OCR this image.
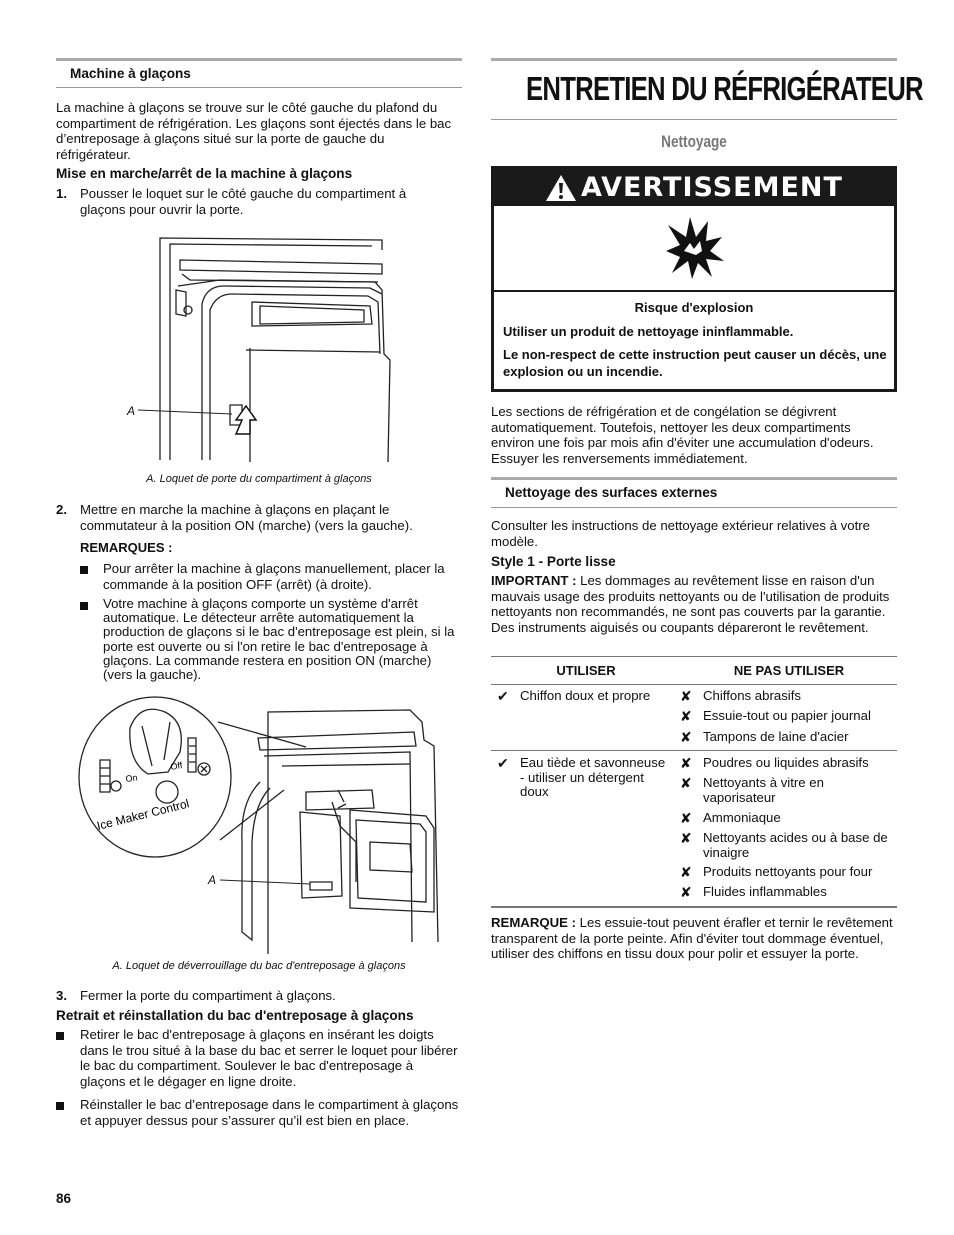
Machine à glaçons

La machine à glaçons se trouve sur le côté gauche du plafond du compartiment de réfrigération. Les glaçons sont éjectés dans le bac d’entreposage à glaçons situé sur la porte de gauche du réfrigérateur.

Mise en marche/arrêt de la machine à glaçons
1. Pousser le loquet sur le côté gauche du compartiment à glaçons pour ouvrir la porte.

A
A. Loquet de porte du compartiment à glaçons
2. Mettre en marche la machine à glaçons en plaçant le commutateur à la position ON (marche) (vers la gauche).

REMARQUES :

Pour arrêter la machine à glaçons manuellement, placer la commande à la position OFF (arrêt) (à droite).

Votre machine à glaçons comporte un système d'arrêt automatique. Le détecteur arrête automatiquement la production de glaçons si le bac d'entreposage est plein, si la porte est ouverte ou si l'on retire le bac d'entreposage à glaçons. La commande restera en position ON (marche) (vers la gauche).

On
Off
Ice Maker Control
A
A. Loquet de déverrouillage du bac d'entreposage à glaçons
3. Fermer la porte du compartiment à glaçons.

Retrait et réinstallation du bac d'entreposage à glaçons

Retirer le bac d'entreposage à glaçons en insérant les doigts dans le trou situé à la base du bac et serrer le loquet pour libérer le bac du compartiment. Soulever le bac d'entreposage à glaçons et le dégager en ligne droite.

Réinstaller le bac d’entreposage dans le compartiment à glaçons et appuyer dessus pour s’assurer qu’il est bien en place.

86
ENTRETIEN DU RÉFRIGÉRATEUR
Nettoyage
AVERTISSEMENT
Risque d'explosion
Utiliser un produit de nettoyage ininflammable.
Le non-respect de cette instruction peut causer un décès, une explosion ou un incendie.

Les sections de réfrigération et de congélation se dégivrent automatiquement. Toutefois, nettoyer les deux compartiments environ une fois par mois afin d'éviter une accumulation d'odeurs. Essuyer les renversements immédiatement.

Nettoyage des surfaces externes

Consulter les instructions de nettoyage extérieur relatives à votre modèle.

Style 1 - Porte lisse

IMPORTANT : Les dommages au revêtement lisse en raison d'un mauvais usage des produits nettoyants ou de l'utilisation de produits nettoyants non recommandés, ne sont pas couverts par la garantie. Des instruments aiguisés ou coupants dépareront le revêtement.

UTILISER	NE PAS UTILISER
✔ Chiffon doux et propre	✘ Chiffons abrasifs

✘ Essuie-tout ou papier journal

✘ Tampons de laine d'acier

✔ Eau tiède et savonneuse - utiliser un détergent doux

✘ Poudres ou liquides abrasifs

✘ Nettoyants à vitre en vaporisateur

✘ Ammoniaque

✘ Nettoyants acides ou à base de vinaigre

✘ Produits nettoyants pour four

✘ Fluides inflammables

REMARQUE : Les essuie-tout peuvent érafler et ternir le revêtement transparent de la porte peinte. Afin d'éviter tout dommage éventuel, utiliser des chiffons en tissu doux pour polir et essuyer la porte.
